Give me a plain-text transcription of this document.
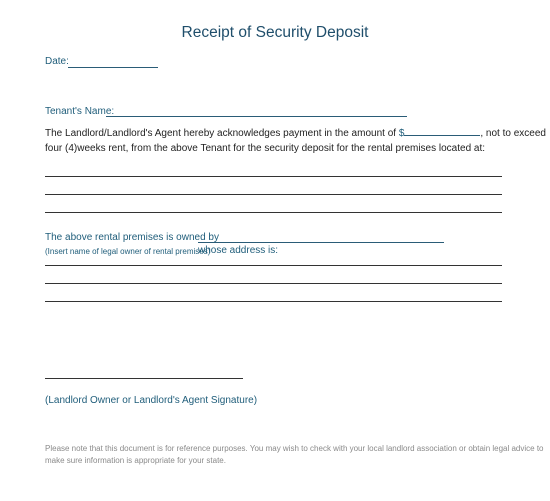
Receipt of Security Deposit
Date:
Tenant's Name:
The Landlord/Landlord's Agent hereby acknowledges payment in the amount of $	, not to exceed
four (4)weeks rent, from the above Tenant for the security deposit for the rental premises located at:
The above rental premises is owned by
(Insert name of legal owner of rental premises)
whose address is:
(Landlord Owner or Landlord's Agent Signature)
Please note that this document is for reference purposes. You may wish to check with your local landlord association or obtain legal advice to
make sure information is appropriate for your state.
